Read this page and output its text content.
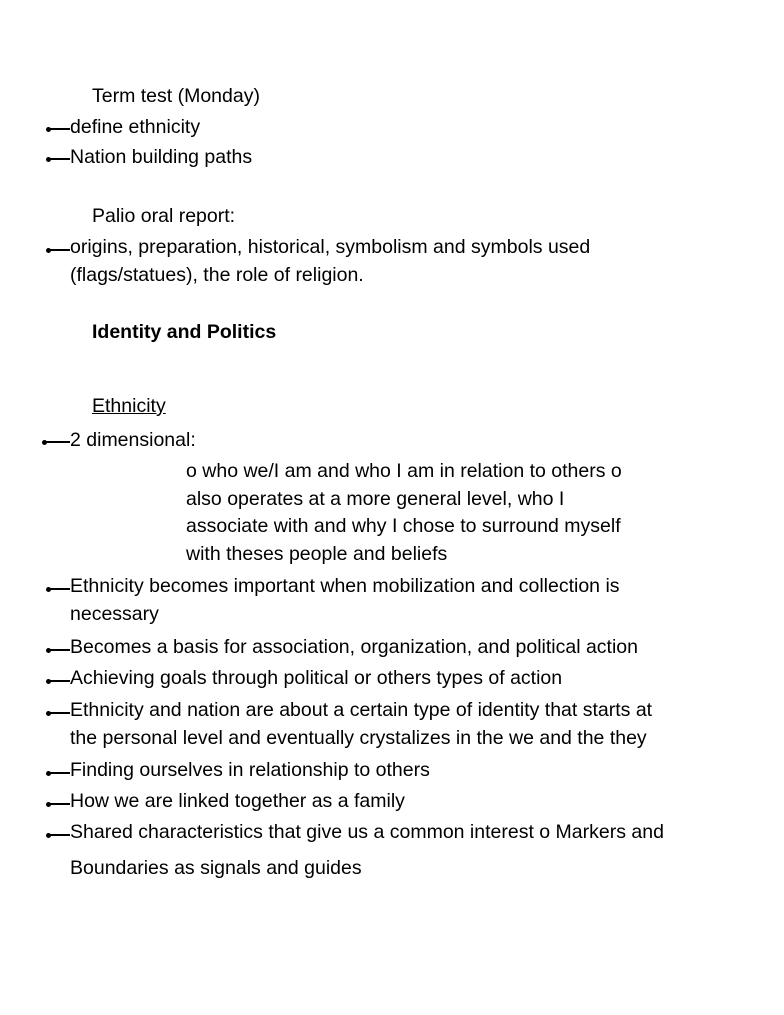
Term test (Monday)
define ethnicity
Nation building paths
Palio oral report:
origins, preparation, historical, symbolism and symbols used
(flags/statues), the role of religion.
Identity and Politics
Ethnicity
2 dimensional:
o who we/I am and who I am in relation to others o
also operates at a more general level, who I
associate with and why I chose to surround myself
with theses people and beliefs
Ethnicity becomes important when mobilization and collection is
necessary
Becomes a basis for association, organization, and political action
Achieving goals through political or others types of action
Ethnicity and nation are about a certain type of identity that starts at
the personal level and eventually crystalizes in the we and the they
Finding ourselves in relationship to others
How we are linked together as a family
Shared characteristics that give us a common interest o Markers and
Boundaries as signals and guides
